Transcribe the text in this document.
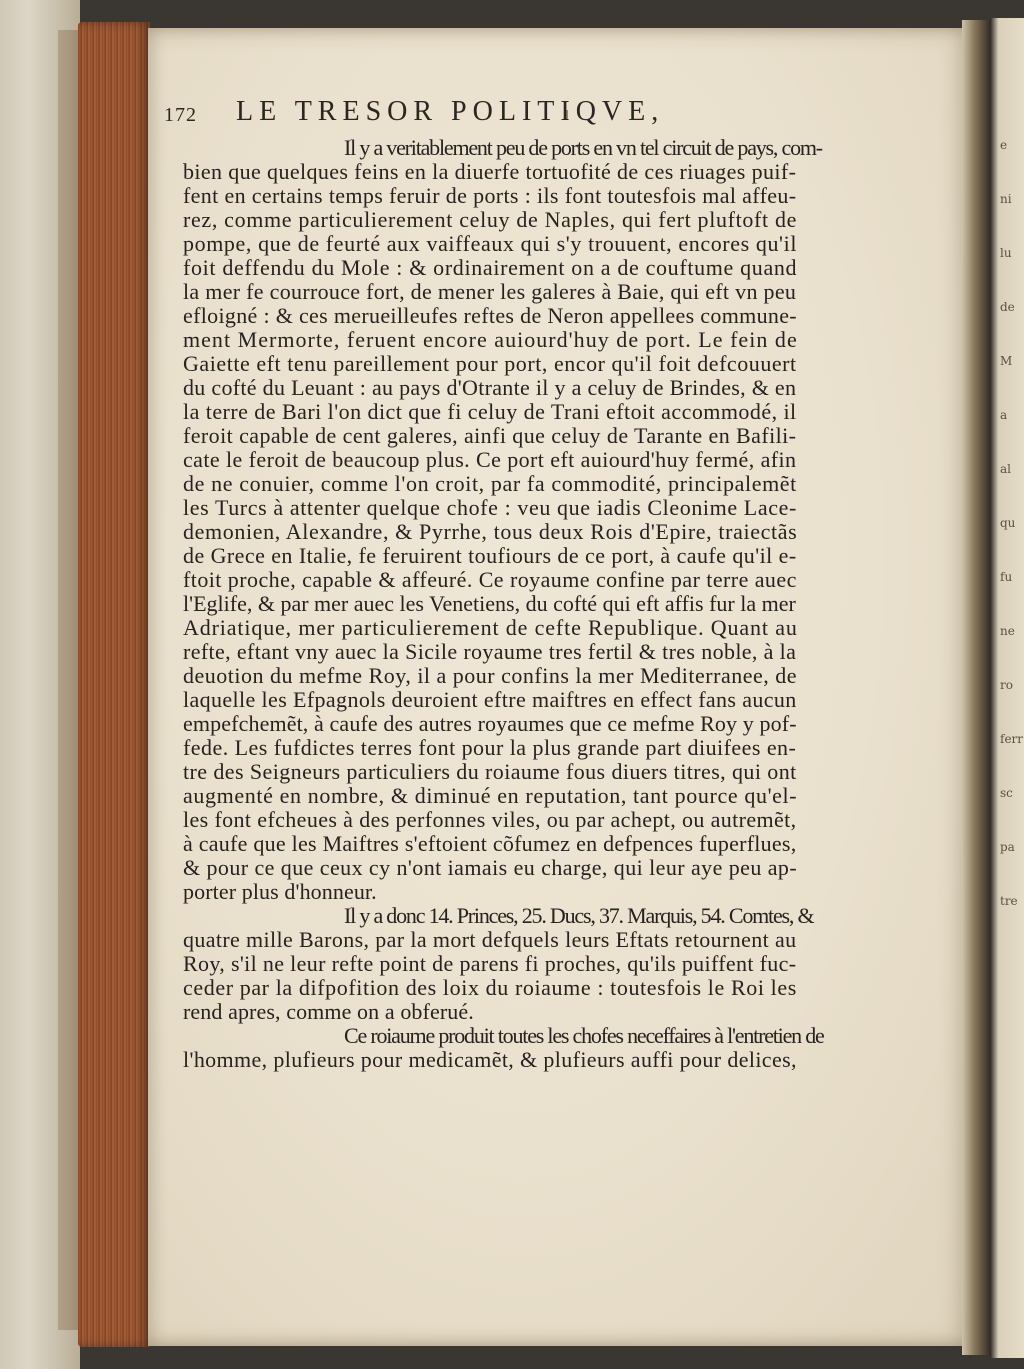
e
ni
lu
de
M
a
al
qu
fu
ne
ro
ferr
sc
pa
tre
172 LE TRESOR POLITIQVE,
Il y a veritablement peu de ports en vn tel circuit de pays, com-
bien que quelques feins en la diuerfe tortuofité de ces riuages puif-
fent en certains temps feruir de ports : ils font toutesfois mal affeu-
rez, comme particulierement celuy de Naples, qui fert pluftoft de
pompe, que de feurté aux vaiffeaux qui s'y trouuent, encores qu'il
foit deffendu du Mole : & ordinairement on a de couftume quand
la mer fe courrouce fort, de mener les galeres à Baie, qui eft vn peu
efloigné : & ces merueilleufes reftes de Neron appellees commune-
ment Mermorte, feruent encore auiourd'huy de port. Le fein de
Gaiette eft tenu pareillement pour port, encor qu'il foit defcouuert
du cofté du Leuant : au pays d'Otrante il y a celuy de Brindes, & en
la terre de Bari l'on dict que fi celuy de Trani eftoit accommodé, il
feroit capable de cent galeres, ainfi que celuy de Tarante en Bafili-
cate le feroit de beaucoup plus. Ce port eft auiourd'huy fermé, afin
de ne conuier, comme l'on croit, par fa commodité, principalemẽt
les Turcs à attenter quelque chofe : veu que iadis Cleonime Lace-
demonien, Alexandre, & Pyrrhe, tous deux Rois d'Epire, traiectãs
de Grece en Italie, fe feruirent toufiours de ce port, à caufe qu'il e-
ftoit proche, capable & affeuré. Ce royaume confine par terre auec
l'Eglife, & par mer auec les Venetiens, du cofté qui eft affis fur la mer
Adriatique, mer particulierement de cefte Republique. Quant au
refte, eftant vny auec la Sicile royaume tres fertil & tres noble, à la
deuotion du mefme Roy, il a pour confins la mer Mediterranee, de
laquelle les Efpagnols deuroient eftre maiftres en effect fans aucun
empefchemẽt, à caufe des autres royaumes que ce mefme Roy y pof-
fede. Les fufdictes terres font pour la plus grande part diuifees en-
tre des Seigneurs particuliers du roiaume fous diuers titres, qui ont
augmenté en nombre, & diminué en reputation, tant pource qu'el-
les font efcheues à des perfonnes viles, ou par achept, ou autremẽt,
à caufe que les Maiftres s'eftoient cõfumez en defpences fuperflues,
& pour ce que ceux cy n'ont iamais eu charge, qui leur aye peu ap-
porter plus d'honneur.
Il y a donc 14. Princes, 25. Ducs, 37. Marquis, 54. Comtes, &
quatre mille Barons, par la mort defquels leurs Eftats retournent au
Roy, s'il ne leur refte point de parens fi proches, qu'ils puiffent fuc-
ceder par la difpofition des loix du roiaume : toutesfois le Roi les
rend apres, comme on a obferué.
Ce roiaume produit toutes les chofes neceffaires à l'entretien de
l'homme, plufieurs pour medicamẽt, & plufieurs auffi pour delices,
